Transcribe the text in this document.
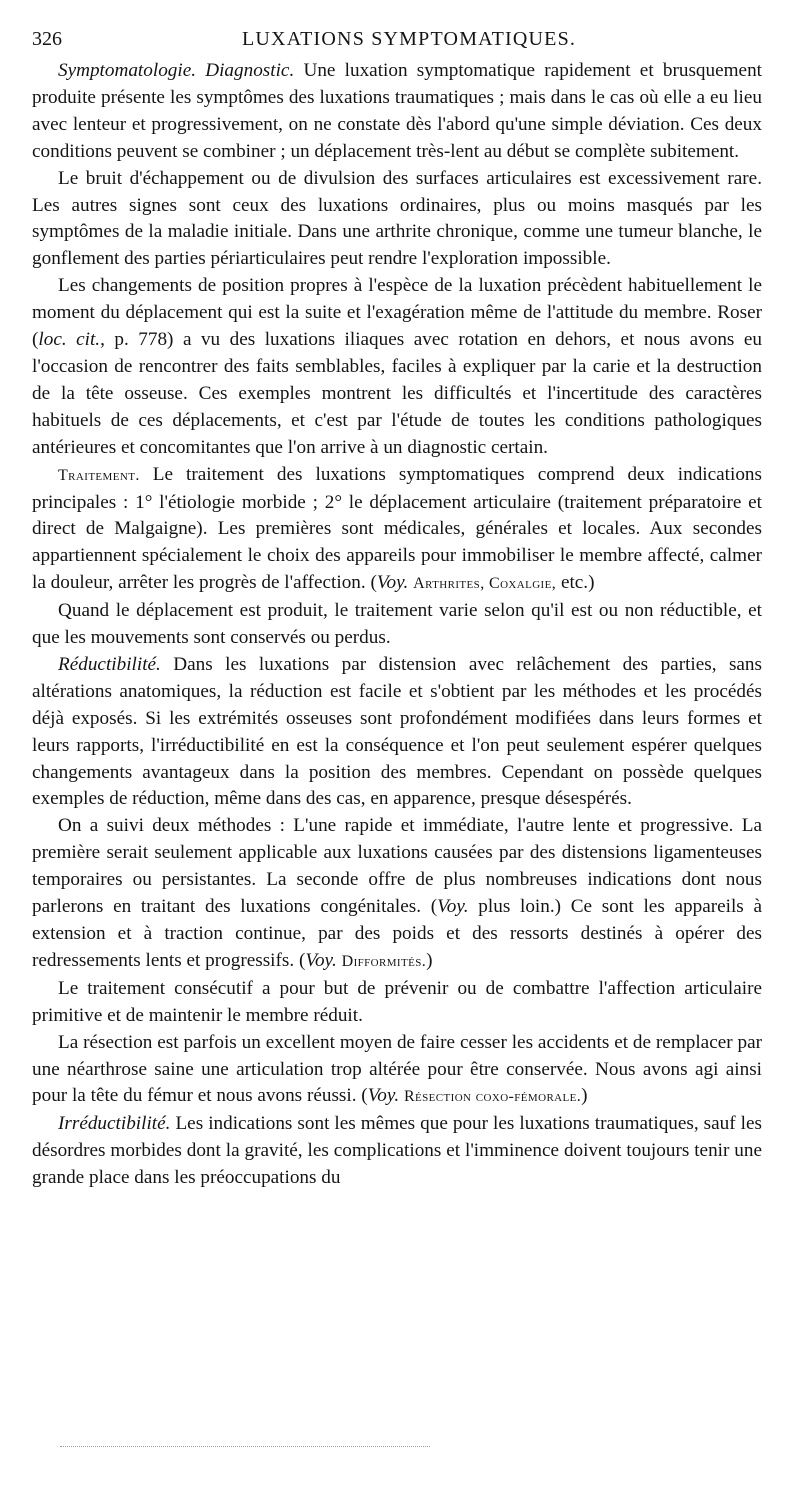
326	LUXATIONS SYMPTOMATIQUES.

Symptomatologie. Diagnostic. Une luxation symptomatique rapidement et brusquement produite présente les symptômes des luxations traumatiques ; mais dans le cas où elle a eu lieu avec lenteur et progressivement, on ne constate dès l'abord qu'une simple déviation. Ces deux conditions peuvent se combiner ; un déplacement très-lent au début se complète subitement.

Le bruit d'échappement ou de divulsion des surfaces articulaires est excessivement rare. Les autres signes sont ceux des luxations ordinaires, plus ou moins masqués par les symptômes de la maladie initiale. Dans une arthrite chronique, comme une tumeur blanche, le gonflement des parties périarticulaires peut rendre l'exploration impossible.

Les changements de position propres à l'espèce de la luxation précèdent habituellement le moment du déplacement qui est la suite et l'exagération même de l'attitude du membre. Roser (loc. cit., p. 778) a vu des luxations iliaques avec rotation en dehors, et nous avons eu l'occasion de rencontrer des faits semblables, faciles à expliquer par la carie et la destruction de la tête osseuse. Ces exemples montrent les difficultés et l'incertitude des caractères habituels de ces déplacements, et c'est par l'étude de toutes les conditions pathologiques antérieures et concomitantes que l'on arrive à un diagnostic certain.

Traitement. Le traitement des luxations symptomatiques comprend deux indications principales : 1° l'étiologie morbide ; 2° le déplacement articulaire (traitement préparatoire et direct de Malgaigne). Les premières sont médicales, générales et locales. Aux secondes appartiennent spécialement le choix des appareils pour immobiliser le membre affecté, calmer la douleur, arrêter les progrès de l'affection. (Voy. Arthrites, Coxalgie, etc.)

Quand le déplacement est produit, le traitement varie selon qu'il est ou non réductible, et que les mouvements sont conservés ou perdus.

Réductibilité. Dans les luxations par distension avec relâchement des parties, sans altérations anatomiques, la réduction est facile et s'obtient par les méthodes et les procédés déjà exposés. Si les extrémités osseuses sont profondément modifiées dans leurs formes et leurs rapports, l'irréductibilité en est la conséquence et l'on peut seulement espérer quelques changements avantageux dans la position des membres. Cependant on possède quelques exemples de réduction, même dans des cas, en apparence, presque désespérés.

On a suivi deux méthodes : L'une rapide et immédiate, l'autre lente et progressive. La première serait seulement applicable aux luxations causées par des distensions ligamenteuses temporaires ou persistantes. La seconde offre de plus nombreuses indications dont nous parlerons en traitant des luxations congénitales. (Voy. plus loin.) Ce sont les appareils à extension et à traction continue, par des poids et des ressorts destinés à opérer des redressements lents et progressifs. (Voy. Difformités.)

Le traitement consécutif a pour but de prévenir ou de combattre l'affection articulaire primitive et de maintenir le membre réduit.

La résection est parfois un excellent moyen de faire cesser les accidents et de remplacer par une néarthrose saine une articulation trop altérée pour être conservée. Nous avons agi ainsi pour la tête du fémur et nous avons réussi. (Voy. Résection coxo-fémorale.)

Irréductibilité. Les indications sont les mêmes que pour les luxations traumatiques, sauf les désordres morbides dont la gravité, les complications et l'imminence doivent toujours tenir une grande place dans les préoccupations du
